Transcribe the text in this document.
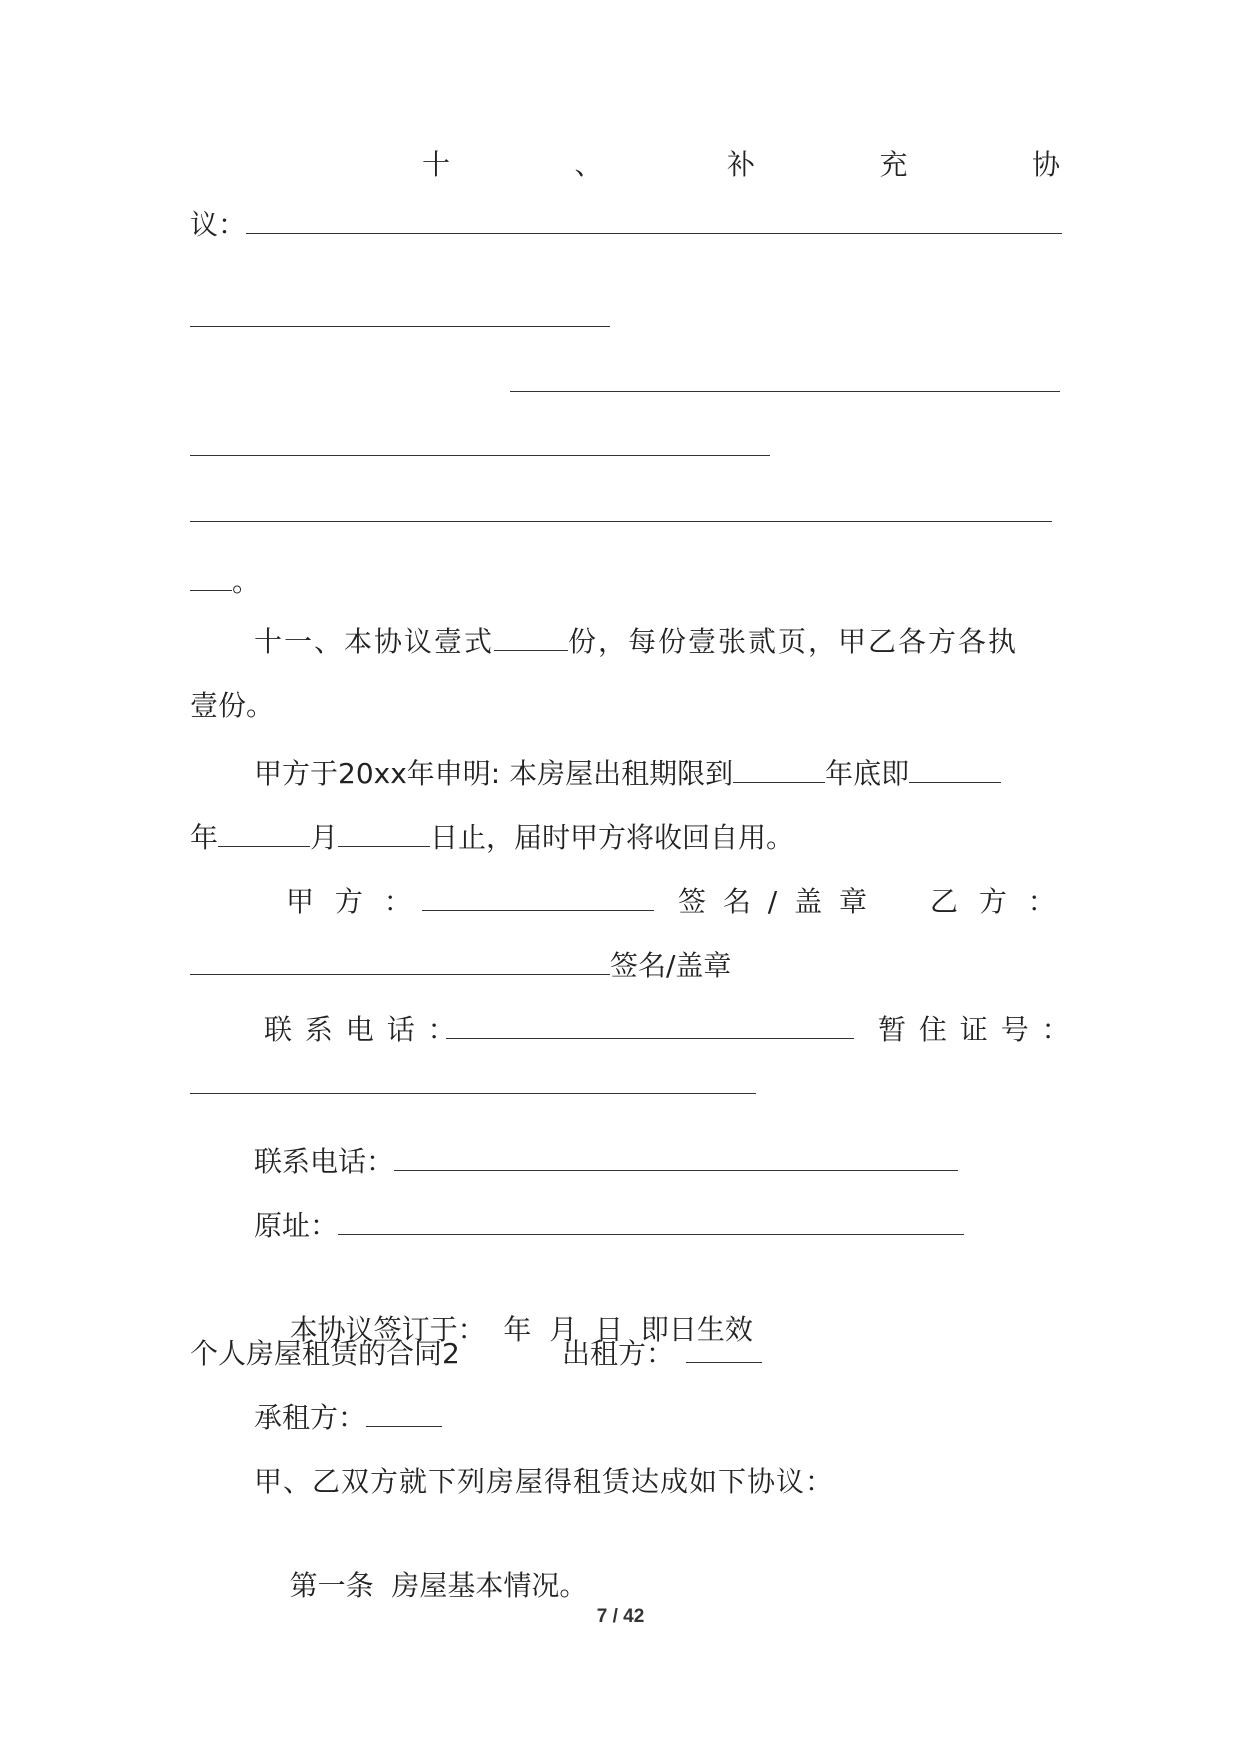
十	、	补	充	协
议：
。
十一、本协议壹式	份，每份壹张贰页，甲乙各方各执
壹份。
甲方于20xx年申明: 本房屋出租期限到	年底即
年	月	日止，届时甲方将收回自用。
甲 方 ：	签 名 / 盖 章 乙 方 ：
签名/盖章
联 系 电 话 ：	暂 住 证 号 ：
联系电话：
原址：

本协议签订于：  年  月  日  即日生效

个人房屋租赁的合同2	出租方：
承租方：
甲、乙双方就下列房屋得租赁达成如下协议：

第一条  房屋基本情况。

7 / 42
